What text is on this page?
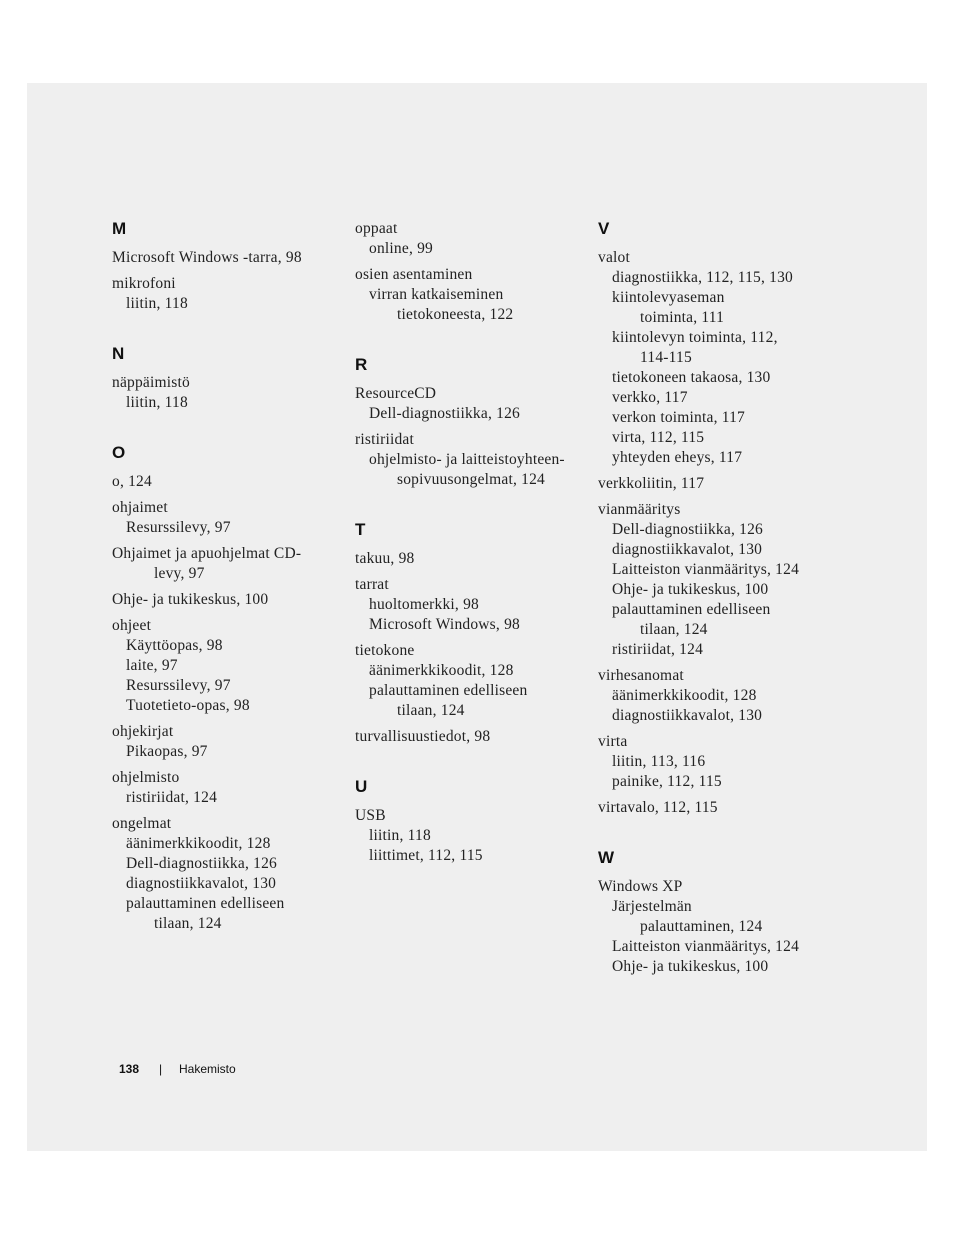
M
Microsoft Windows -tarra, 98
mikrofoni
liitin, 118
N
näppäimistö
liitin, 118
O
o, 124
ohjaimet
Resurssilevy, 97
Ohjaimet ja apuohjelmat CD-
levy, 97
Ohje- ja tukikeskus, 100
ohjeet
Käyttöopas, 98
laite, 97
Resurssilevy, 97
Tuotetieto-opas, 98
ohjekirjat
Pikaopas, 97
ohjelmisto
ristiriidat, 124
ongelmat
äänimerkkikoodit, 128
Dell-diagnostiikka, 126
diagnostiikkavalot, 130
palauttaminen edelliseen
tilaan, 124
oppaat
online, 99
osien asentaminen
virran katkaiseminen
tietokoneesta, 122
R
ResourceCD
Dell-diagnostiikka, 126
ristiriidat
ohjelmisto- ja laitteistoyhteen-
sopivuusongelmat, 124
T
takuu, 98
tarrat
huoltomerkki, 98
Microsoft Windows, 98
tietokone
äänimerkkikoodit, 128
palauttaminen edelliseen
tilaan, 124
turvallisuustiedot, 98
U
USB
liitin, 118
liittimet, 112, 115
V
valot
diagnostiikka, 112, 115, 130
kiintolevyaseman
toiminta, 111
kiintolevyn toiminta, 112,
114-115
tietokoneen takaosa, 130
verkko, 117
verkon toiminta, 117
virta, 112, 115
yhteyden eheys, 117
verkkoliitin, 117
vianmääritys
Dell-diagnostiikka, 126
diagnostiikkavalot, 130
Laitteiston vianmääritys, 124
Ohje- ja tukikeskus, 100
palauttaminen edelliseen
tilaan, 124
ristiriidat, 124
virhesanomat
äänimerkkikoodit, 128
diagnostiikkavalot, 130
virta
liitin, 113, 116
painike, 112, 115
virtavalo, 112, 115
W
Windows XP
Järjestelmän
palauttaminen, 124
Laitteiston vianmääritys, 124
Ohje- ja tukikeskus, 100
138 | Hakemisto
